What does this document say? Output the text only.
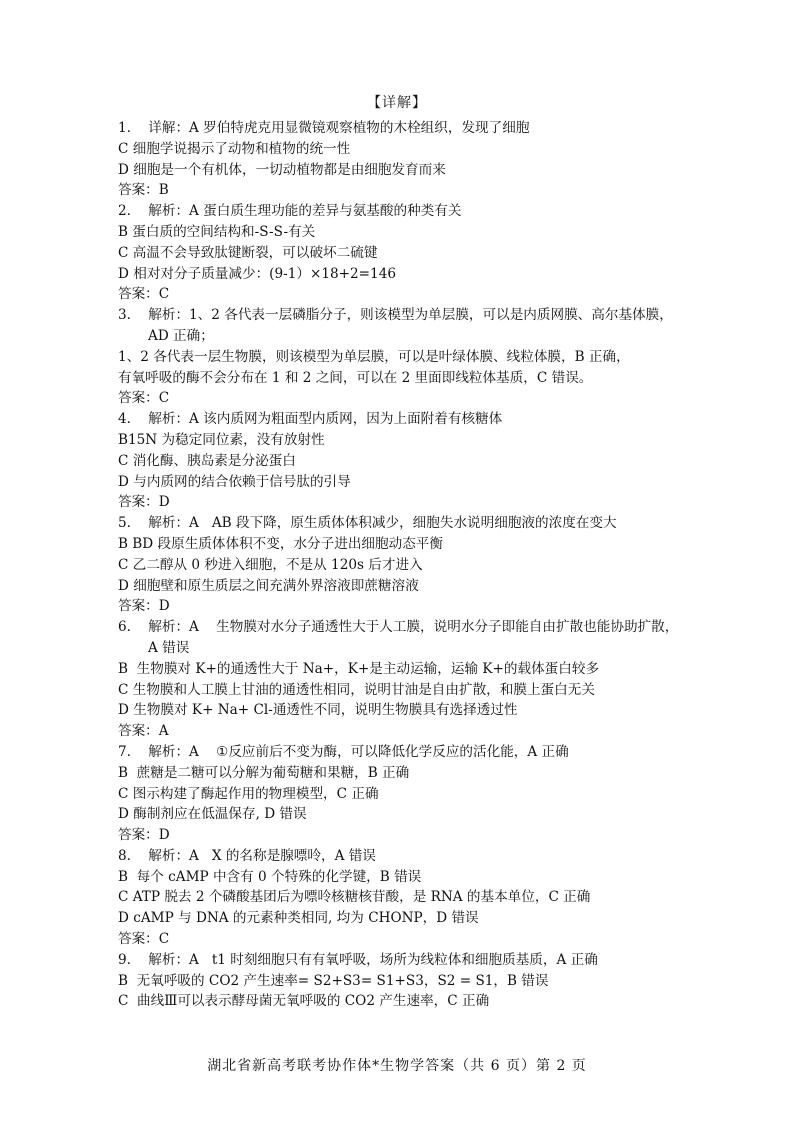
【详解】
1.    详解：A 罗伯特虎克用显微镜观察植物的木栓组织，发现了细胞
C 细胞学说揭示了动物和植物的统一性
D 细胞是一个有机体，一切动植物都是由细胞发育而来
答案：B
2.    解析：A 蛋白质生理功能的差异与氨基酸的种类有关
B 蛋白质的空间结构和-S-S-有关
C 高温不会导致肽键断裂，可以破坏二硫键
D 相对对分子质量减少：(9-1）×18+2=146
答案：C
3.    解析：1、2 各代表一层磷脂分子，则该模型为单层膜，可以是内质网膜、高尔基体膜，
AD 正确；
1、2 各代表一层生物膜，则该模型为单层膜，可以是叶绿体膜、线粒体膜，B 正确，
有氧呼吸的酶不会分布在 1 和 2 之间，可以在 2 里面即线粒体基质，C 错误。
答案：C
4.    解析：A 该内质网为粗面型内质网，因为上面附着有核糖体
B15N 为稳定同位素，没有放射性
C 消化酶、胰岛素是分泌蛋白
D 与内质网的结合依赖于信号肽的引导
答案：D
5.    解析：A   AB 段下降，原生质体体积减少，细胞失水说明细胞液的浓度在变大
B BD 段原生质体体积不变，水分子进出细胞动态平衡
C 乙二醇从 0 秒进入细胞，不是从 120s 后才进入
D 细胞壁和原生质层之间充满外界溶液即蔗糖溶液
答案：D
6.    解析：A    生物膜对水分子通透性大于人工膜，说明水分子即能自由扩散也能协助扩散，
A 错误
B  生物膜对 K+的通透性大于 Na+，K+是主动运输，运输 K+的载体蛋白较多
C 生物膜和人工膜上甘油的通透性相同，说明甘油是自由扩散，和膜上蛋白无关
D 生物膜对 K+ Na+ Cl-通透性不同，说明生物膜具有选择透过性
答案：A
7.    解析：A    ①反应前后不变为酶，可以降低化学反应的活化能，A 正确
B  蔗糖是二糖可以分解为葡萄糖和果糖，B 正确
C 图示构建了酶起作用的物理模型，C 正确
D 酶制剂应在低温保存, D 错误
答案：D
8.    解析：A   X 的名称是腺嘌呤，A 错误
B  每个 cAMP 中含有 0 个特殊的化学键，B 错误
C ATP 脱去 2 个磷酸基团后为嘌呤核糖核苷酸，是 RNA 的基本单位，C 正确
D cAMP 与 DNA 的元素种类相同, 均为 CHONP，D 错误
答案：C
9.    解析：A   t1 时刻细胞只有有氧呼吸，场所为线粒体和细胞质基质，A 正确
B  无氧呼吸的 CO2 产生速率= S2+S3= S1+S3，S2 = S1，B 错误
C  曲线Ⅲ可以表示酵母菌无氧呼吸的 CO2 产生速率，C 正确
湖北省新高考联考协作体*生物学答案（共 6 页）第 2 页
